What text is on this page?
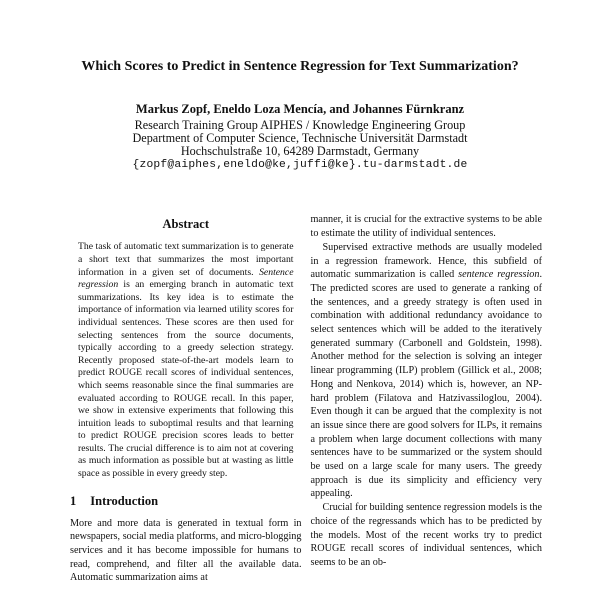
Which Scores to Predict in Sentence Regression for Text Summarization?
Markus Zopf, Eneldo Loza Mencía, and Johannes Fürnkranz
Research Training Group AIPHES / Knowledge Engineering Group
Department of Computer Science, Technische Universität Darmstadt
Hochschulstraße 10, 64289 Darmstadt, Germany
{zopf@aiphes,eneldo@ke,juffi@ke}.tu-darmstadt.de
Abstract

The task of automatic text summarization is to generate a short text that summarizes the most important information in a given set of documents. Sentence regression is an emerging branch in automatic text summarizations. Its key idea is to estimate the importance of information via learned utility scores for individual sentences. These scores are then used for selecting sentences from the source documents, typically according to a greedy selection strategy. Recently proposed state-of-the-art models learn to predict ROUGE recall scores of individual sentences, which seems reasonable since the final summaries are evaluated according to ROUGE recall. In this paper, we show in extensive experiments that following this intuition leads to suboptimal results and that learning to predict ROUGE precision scores leads to better results. The crucial difference is to aim not at covering as much information as possible but at wasting as little space as possible in every greedy step.

1 Introduction

More and more data is generated in textual form in newspapers, social media platforms, and micro-blogging services and it has become impossible for humans to read, comprehend, and filter all the available data. Automatic summarization aims at

manner, it is crucial for the extractive systems to be able to estimate the utility of individual sentences.

Supervised extractive methods are usually modeled in a regression framework. Hence, this subfield of automatic summarization is called sentence regression. The predicted scores are used to generate a ranking of the sentences, and a greedy strategy is often used in combination with additional redundancy avoidance to select sentences which will be added to the iteratively generated summary (Carbonell and Goldstein, 1998). Another method for the selection is solving an integer linear programming (ILP) problem (Gillick et al., 2008; Hong and Nenkova, 2014) which is, however, an NP-hard problem (Filatova and Hatzivassiloglou, 2004). Even though it can be argued that the complexity is not an issue since there are good solvers for ILPs, it remains a problem when large document collections with many sentences have to be summarized or the system should be used on a large scale for many users. The greedy approach is due its simplicity and efficiency very appealing.

Crucial for building sentence regression models is the choice of the regressands which has to be predicted by the models. Most of the recent works try to predict ROUGE recall scores of individual sentences, which seems to be an ob-
